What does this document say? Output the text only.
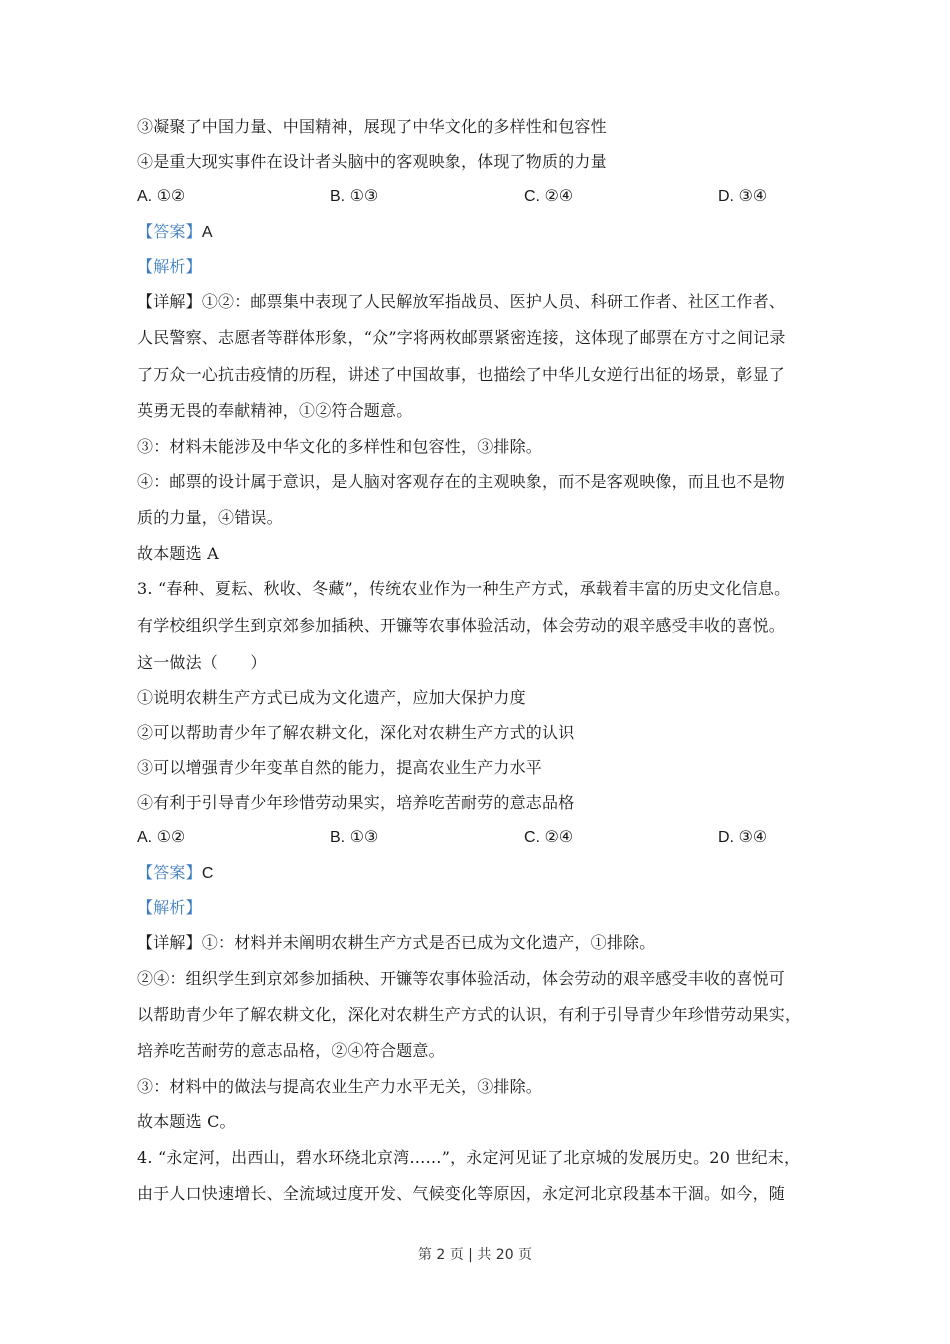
③凝聚了中国力量、中国精神，展现了中华文化的多样性和包容性
④是重大现实事件在设计者头脑中的客观映象，体现了物质的力量
A. ①②	B. ①③	C. ②④	D. ③④
【答案】A
【解析】
【详解】①②：邮票集中表现了人民解放军指战员、医护人员、科研工作者、社区工作者、
人民警察、志愿者等群体形象，“众”字将两枚邮票紧密连接，这体现了邮票在方寸之间记录
了万众一心抗击疫情的历程，讲述了中国故事，也描绘了中华儿女逆行出征的场景，彰显了
英勇无畏的奉献精神，①②符合题意。
③：材料未能涉及中华文化的多样性和包容性，③排除。
④：邮票的设计属于意识，是人脑对客观存在的主观映象，而不是客观映像，而且也不是物
质的力量，④错误。
故本题选 A
3. “春种、夏耘、秋收、冬藏”，传统农业作为一种生产方式，承载着丰富的历史文化信息。
有学校组织学生到京郊参加插秧、开镰等农事体验活动，体会劳动的艰辛感受丰收的喜悦。
这一做法（　　）
①说明农耕生产方式已成为文化遗产，应加大保护力度
②可以帮助青少年了解农耕文化，深化对农耕生产方式的认识
③可以增强青少年变革自然的能力，提高农业生产力水平
④有利于引导青少年珍惜劳动果实，培养吃苦耐劳的意志品格
A. ①②	B. ①③	C. ②④	D. ③④
【答案】C
【解析】
【详解】①：材料并未阐明农耕生产方式是否已成为文化遗产，①排除。
②④：组织学生到京郊参加插秧、开镰等农事体验活动，体会劳动的艰辛感受丰收的喜悦可
以帮助青少年了解农耕文化，深化对农耕生产方式的认识，有利于引导青少年珍惜劳动果实，
培养吃苦耐劳的意志品格，②④符合题意。
③：材料中的做法与提高农业生产力水平无关，③排除。
故本题选 C。
4. “永定河，出西山，碧水环绕北京湾……”，永定河见证了北京城的发展历史。20 世纪末，
由于人口快速增长、全流域过度开发、气候变化等原因，永定河北京段基本干涸。如今，随
第 2 页 | 共 20 页
